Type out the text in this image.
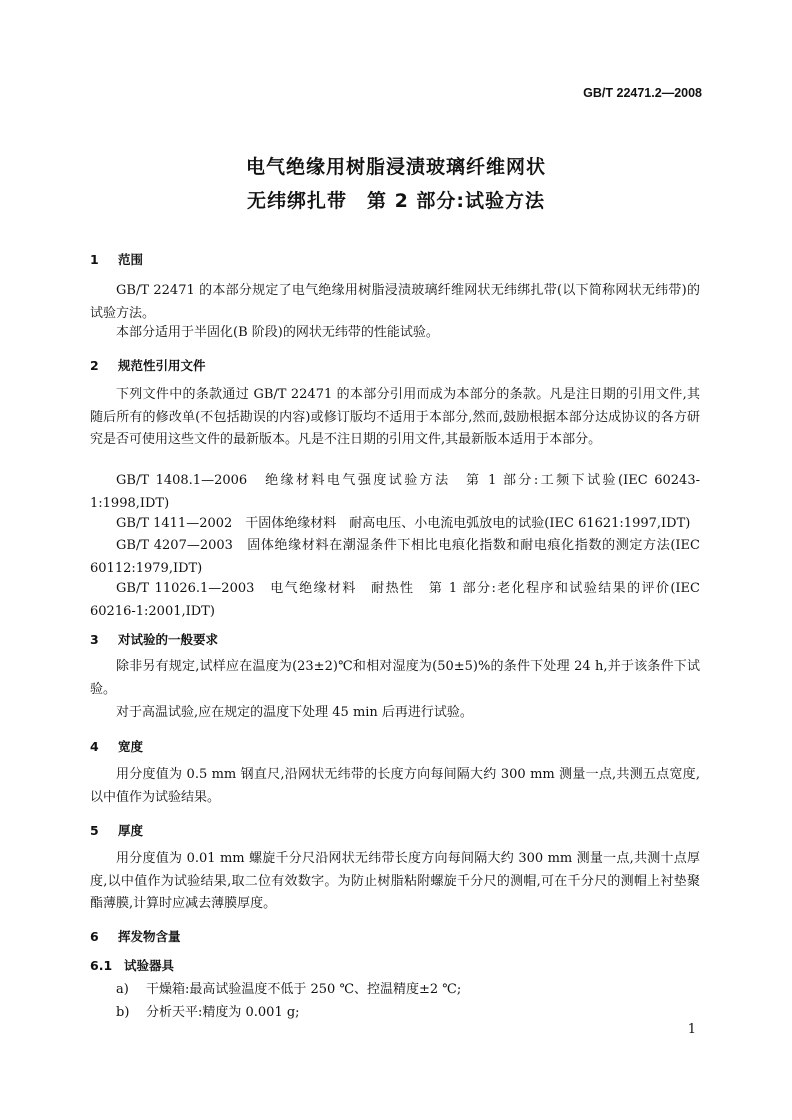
GB/T 22471.2—2008
电气绝缘用树脂浸渍玻璃纤维网状
无纬绑扎带　第 2 部分:试验方法
1 范围
GB/T 22471 的本部分规定了电气绝缘用树脂浸渍玻璃纤维网状无纬绑扎带(以下简称网状无纬带)的试验方法。
本部分适用于半固化(B 阶段)的网状无纬带的性能试验。
2 规范性引用文件
下列文件中的条款通过 GB/T 22471 的本部分引用而成为本部分的条款。凡是注日期的引用文件,其随后所有的修改单(不包括勘误的内容)或修订版均不适用于本部分,然而,鼓励根据本部分达成协议的各方研究是否可使用这些文件的最新版本。凡是不注日期的引用文件,其最新版本适用于本部分。
GB/T 1408.1—2006　绝缘材料电气强度试验方法　第 1 部分:工频下试验(IEC 60243-1:1998,IDT)
GB/T 1411—2002　干固体绝缘材料　耐高电压、小电流电弧放电的试验(IEC 61621:1997,IDT)
GB/T 4207—2003　固体绝缘材料在潮湿条件下相比电痕化指数和耐电痕化指数的测定方法(IEC 60112:1979,IDT)
GB/T 11026.1—2003　电气绝缘材料　耐热性　第 1 部分:老化程序和试验结果的评价(IEC 60216-1:2001,IDT)
3 对试验的一般要求
除非另有规定,试样应在温度为(23±2)℃和相对湿度为(50±5)%的条件下处理 24 h,并于该条件下试验。
对于高温试验,应在规定的温度下处理 45 min 后再进行试验。
4 宽度
用分度值为 0.5 mm 钢直尺,沿网状无纬带的长度方向每间隔大约 300 mm 测量一点,共测五点宽度,以中值作为试验结果。
5 厚度
用分度值为 0.01 mm 螺旋千分尺沿网状无纬带长度方向每间隔大约 300 mm 测量一点,共测十点厚度,以中值作为试验结果,取二位有效数字。为防止树脂粘附螺旋千分尺的测帽,可在千分尺的测帽上衬垫聚酯薄膜,计算时应减去薄膜厚度。
6 挥发物含量
6.1 试验器具
a) 干燥箱:最高试验温度不低于 250 ℃、控温精度±2 ℃;
b) 分析天平:精度为 0.001 g;
1
